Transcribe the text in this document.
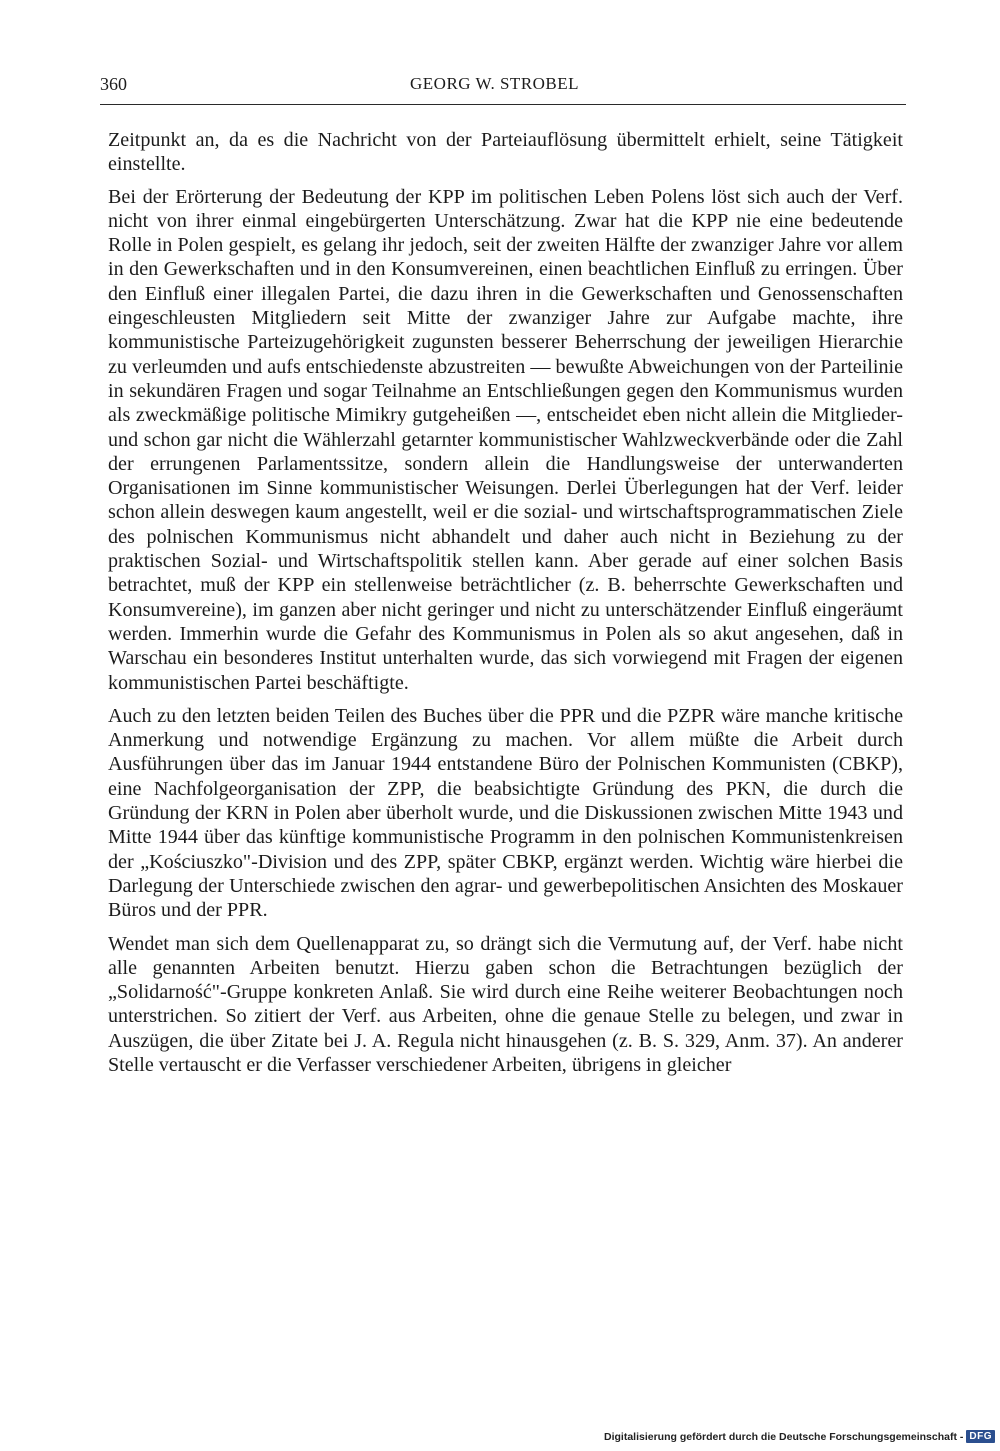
360	GEORG W. STROBEL

Zeitpunkt an, da es die Nachricht von der Parteiauflösung übermittelt erhielt, seine Tätigkeit einstellte.

Bei der Erörterung der Bedeutung der KPP im politischen Leben Polens löst sich auch der Verf. nicht von ihrer einmal eingebürgerten Unterschätzung. Zwar hat die KPP nie eine bedeutende Rolle in Polen gespielt, es gelang ihr jedoch, seit der zweiten Hälfte der zwanziger Jahre vor allem in den Gewerkschaften und in den Konsumvereinen, einen beachtlichen Einfluß zu erringen. Über den Einfluß einer illegalen Partei, die dazu ihren in die Gewerkschaften und Genossenschaften eingeschleusten Mitgliedern seit Mitte der zwanziger Jahre zur Aufgabe machte, ihre kommunistische Parteizugehörigkeit zugunsten besserer Beherrschung der jeweiligen Hierarchie zu verleumden und aufs entschiedenste abzustreiten — bewußte Abweichungen von der Parteilinie in sekundären Fragen und sogar Teilnahme an Entschließungen gegen den Kommunismus wurden als zweckmäßige politische Mimikry gutgeheißen —, entscheidet eben nicht allein die Mitglieder- und schon gar nicht die Wählerzahl getarnter kommunistischer Wahlzweckverbände oder die Zahl der errungenen Parlamentssitze, sondern allein die Handlungsweise der unterwanderten Organisationen im Sinne kommunistischer Weisungen. Derlei Überlegungen hat der Verf. leider schon allein deswegen kaum angestellt, weil er die sozial- und wirtschaftsprogrammatischen Ziele des polnischen Kommunismus nicht abhandelt und daher auch nicht in Beziehung zu der praktischen Sozial- und Wirtschaftspolitik stellen kann. Aber gerade auf einer solchen Basis betrachtet, muß der KPP ein stellenweise beträchtlicher (z. B. beherrschte Gewerkschaften und Konsumvereine), im ganzen aber nicht geringer und nicht zu unterschätzender Einfluß eingeräumt werden. Immerhin wurde die Gefahr des Kommunismus in Polen als so akut angesehen, daß in Warschau ein besonderes Institut unterhalten wurde, das sich vorwiegend mit Fragen der eigenen kommunistischen Partei beschäftigte.

Auch zu den letzten beiden Teilen des Buches über die PPR und die PZPR wäre manche kritische Anmerkung und notwendige Ergänzung zu machen. Vor allem müßte die Arbeit durch Ausführungen über das im Januar 1944 entstandene Büro der Polnischen Kommunisten (CBKP), eine Nachfolgeorganisation der ZPP, die beabsichtigte Gründung des PKN, die durch die Gründung der KRN in Polen aber überholt wurde, und die Diskussionen zwischen Mitte 1943 und Mitte 1944 über das künftige kommunistische Programm in den polnischen Kommunistenkreisen der „Kościuszko"-Division und des ZPP, später CBKP, ergänzt werden. Wichtig wäre hierbei die Darlegung der Unterschiede zwischen den agrar- und gewerbepolitischen Ansichten des Moskauer Büros und der PPR.

Wendet man sich dem Quellenapparat zu, so drängt sich die Vermutung auf, der Verf. habe nicht alle genannten Arbeiten benutzt. Hierzu gaben schon die Betrachtungen bezüglich der „Solidarność"-Gruppe konkreten Anlaß. Sie wird durch eine Reihe weiterer Beobachtungen noch unterstrichen. So zitiert der Verf. aus Arbeiten, ohne die genaue Stelle zu belegen, und zwar in Auszügen, die über Zitate bei J. A. Regula nicht hinausgehen (z. B. S. 329, Anm. 37). An anderer Stelle vertauscht er die Verfasser verschiedener Arbeiten, übrigens in gleicher

Digitalisierung gefördert durch die Deutsche Forschungsgemeinschaft - DFG
